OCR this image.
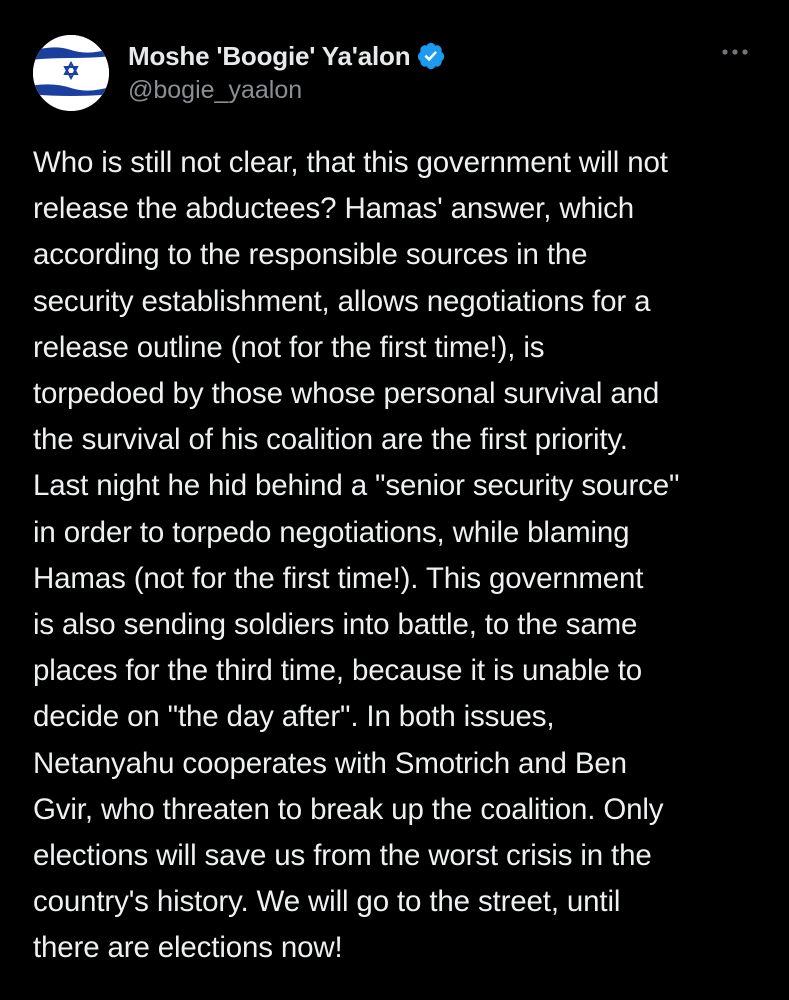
Moshe 'Boogie' Ya'alon
@bogie_yaalon
Who is still not clear, that this government will not
release the abductees? Hamas' answer, which
according to the responsible sources in the
security establishment, allows negotiations for a
release outline (not for the first time!), is
torpedoed by those whose personal survival and
the survival of his coalition are the first priority.
Last night he hid behind a "senior security source"
in order to torpedo negotiations, while blaming
Hamas (not for the first time!). This government
is also sending soldiers into battle, to the same
places for the third time, because it is unable to
decide on "the day after". In both issues,
Netanyahu cooperates with Smotrich and Ben
Gvir, who threaten to break up the coalition. Only
elections will save us from the worst crisis in the
country's history. We will go to the street, until
there are elections now!
